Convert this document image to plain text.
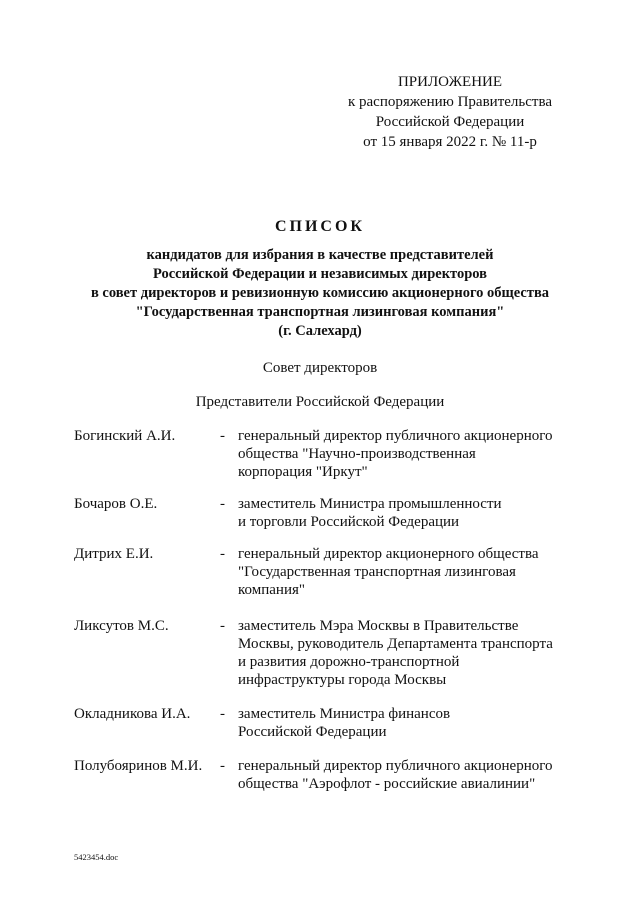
ПРИЛОЖЕНИЕ
к распоряжению Правительства
Российской Федерации
от 15 января 2022 г. № 11-р
СПИСОК
кандидатов для избрания в качестве представителей
Российской Федерации и независимых директоров
в совет директоров и ревизионную комиссию акционерного общества
"Государственная транспортная лизинговая компания"
(г. Салехард)
Совет директоров
Представители Российской Федерации
Богинский А.И.	- генеральный директор публичного акционерного
общества "Научно-производственная
корпорация "Иркут"
Бочаров О.Е.	- заместитель Министра промышленности
и торговли Российской Федерации
Дитрих Е.И.	- генеральный директор акционерного общества
"Государственная транспортная лизинговая
компания"
Ликсутов М.С.	- заместитель Мэра Москвы в Правительстве
Москвы, руководитель Департамента транспорта
и развития дорожно-транспортной
инфраструктуры города Москвы
Окладникова И.А.	- заместитель Министра финансов
Российской Федерации
Полубояринов М.И.	- генеральный директор публичного акционерного
общества "Аэрофлот - российские авиалинии"
5423454.doc
